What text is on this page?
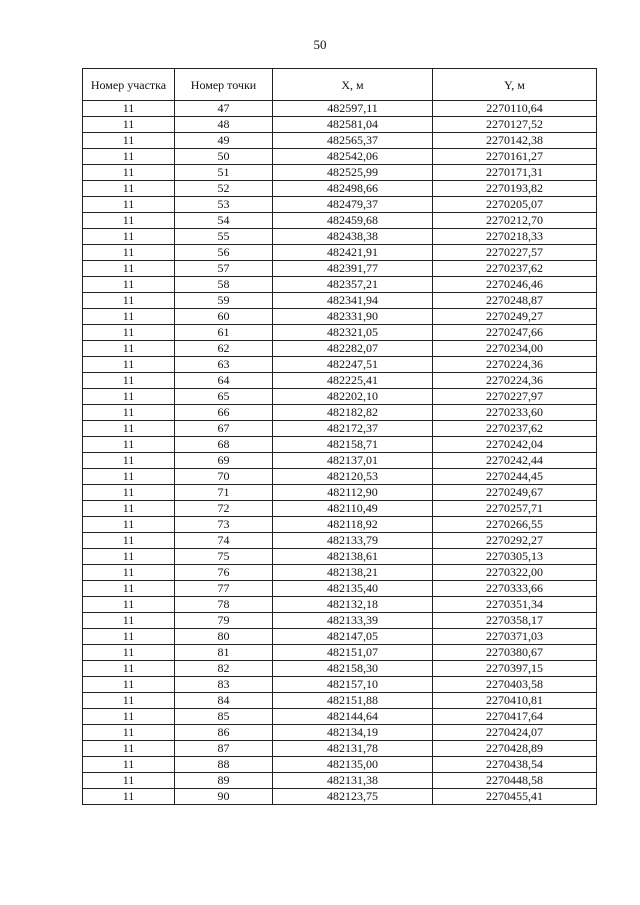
50
Номер участка	Номер точки	X, м	Y, м
11	47	482597,11	2270110,64
11	48	482581,04	2270127,52
11	49	482565,37	2270142,38
11	50	482542,06	2270161,27
11	51	482525,99	2270171,31
11	52	482498,66	2270193,82
11	53	482479,37	2270205,07
11	54	482459,68	2270212,70
11	55	482438,38	2270218,33
11	56	482421,91	2270227,57
11	57	482391,77	2270237,62
11	58	482357,21	2270246,46
11	59	482341,94	2270248,87
11	60	482331,90	2270249,27
11	61	482321,05	2270247,66
11	62	482282,07	2270234,00
11	63	482247,51	2270224,36
11	64	482225,41	2270224,36
11	65	482202,10	2270227,97
11	66	482182,82	2270233,60
11	67	482172,37	2270237,62
11	68	482158,71	2270242,04
11	69	482137,01	2270242,44
11	70	482120,53	2270244,45
11	71	482112,90	2270249,67
11	72	482110,49	2270257,71
11	73	482118,92	2270266,55
11	74	482133,79	2270292,27
11	75	482138,61	2270305,13
11	76	482138,21	2270322,00
11	77	482135,40	2270333,66
11	78	482132,18	2270351,34
11	79	482133,39	2270358,17
11	80	482147,05	2270371,03
11	81	482151,07	2270380,67
11	82	482158,30	2270397,15
11	83	482157,10	2270403,58
11	84	482151,88	2270410,81
11	85	482144,64	2270417,64
11	86	482134,19	2270424,07
11	87	482131,78	2270428,89
11	88	482135,00	2270438,54
11	89	482131,38	2270448,58
11	90	482123,75	2270455,41
